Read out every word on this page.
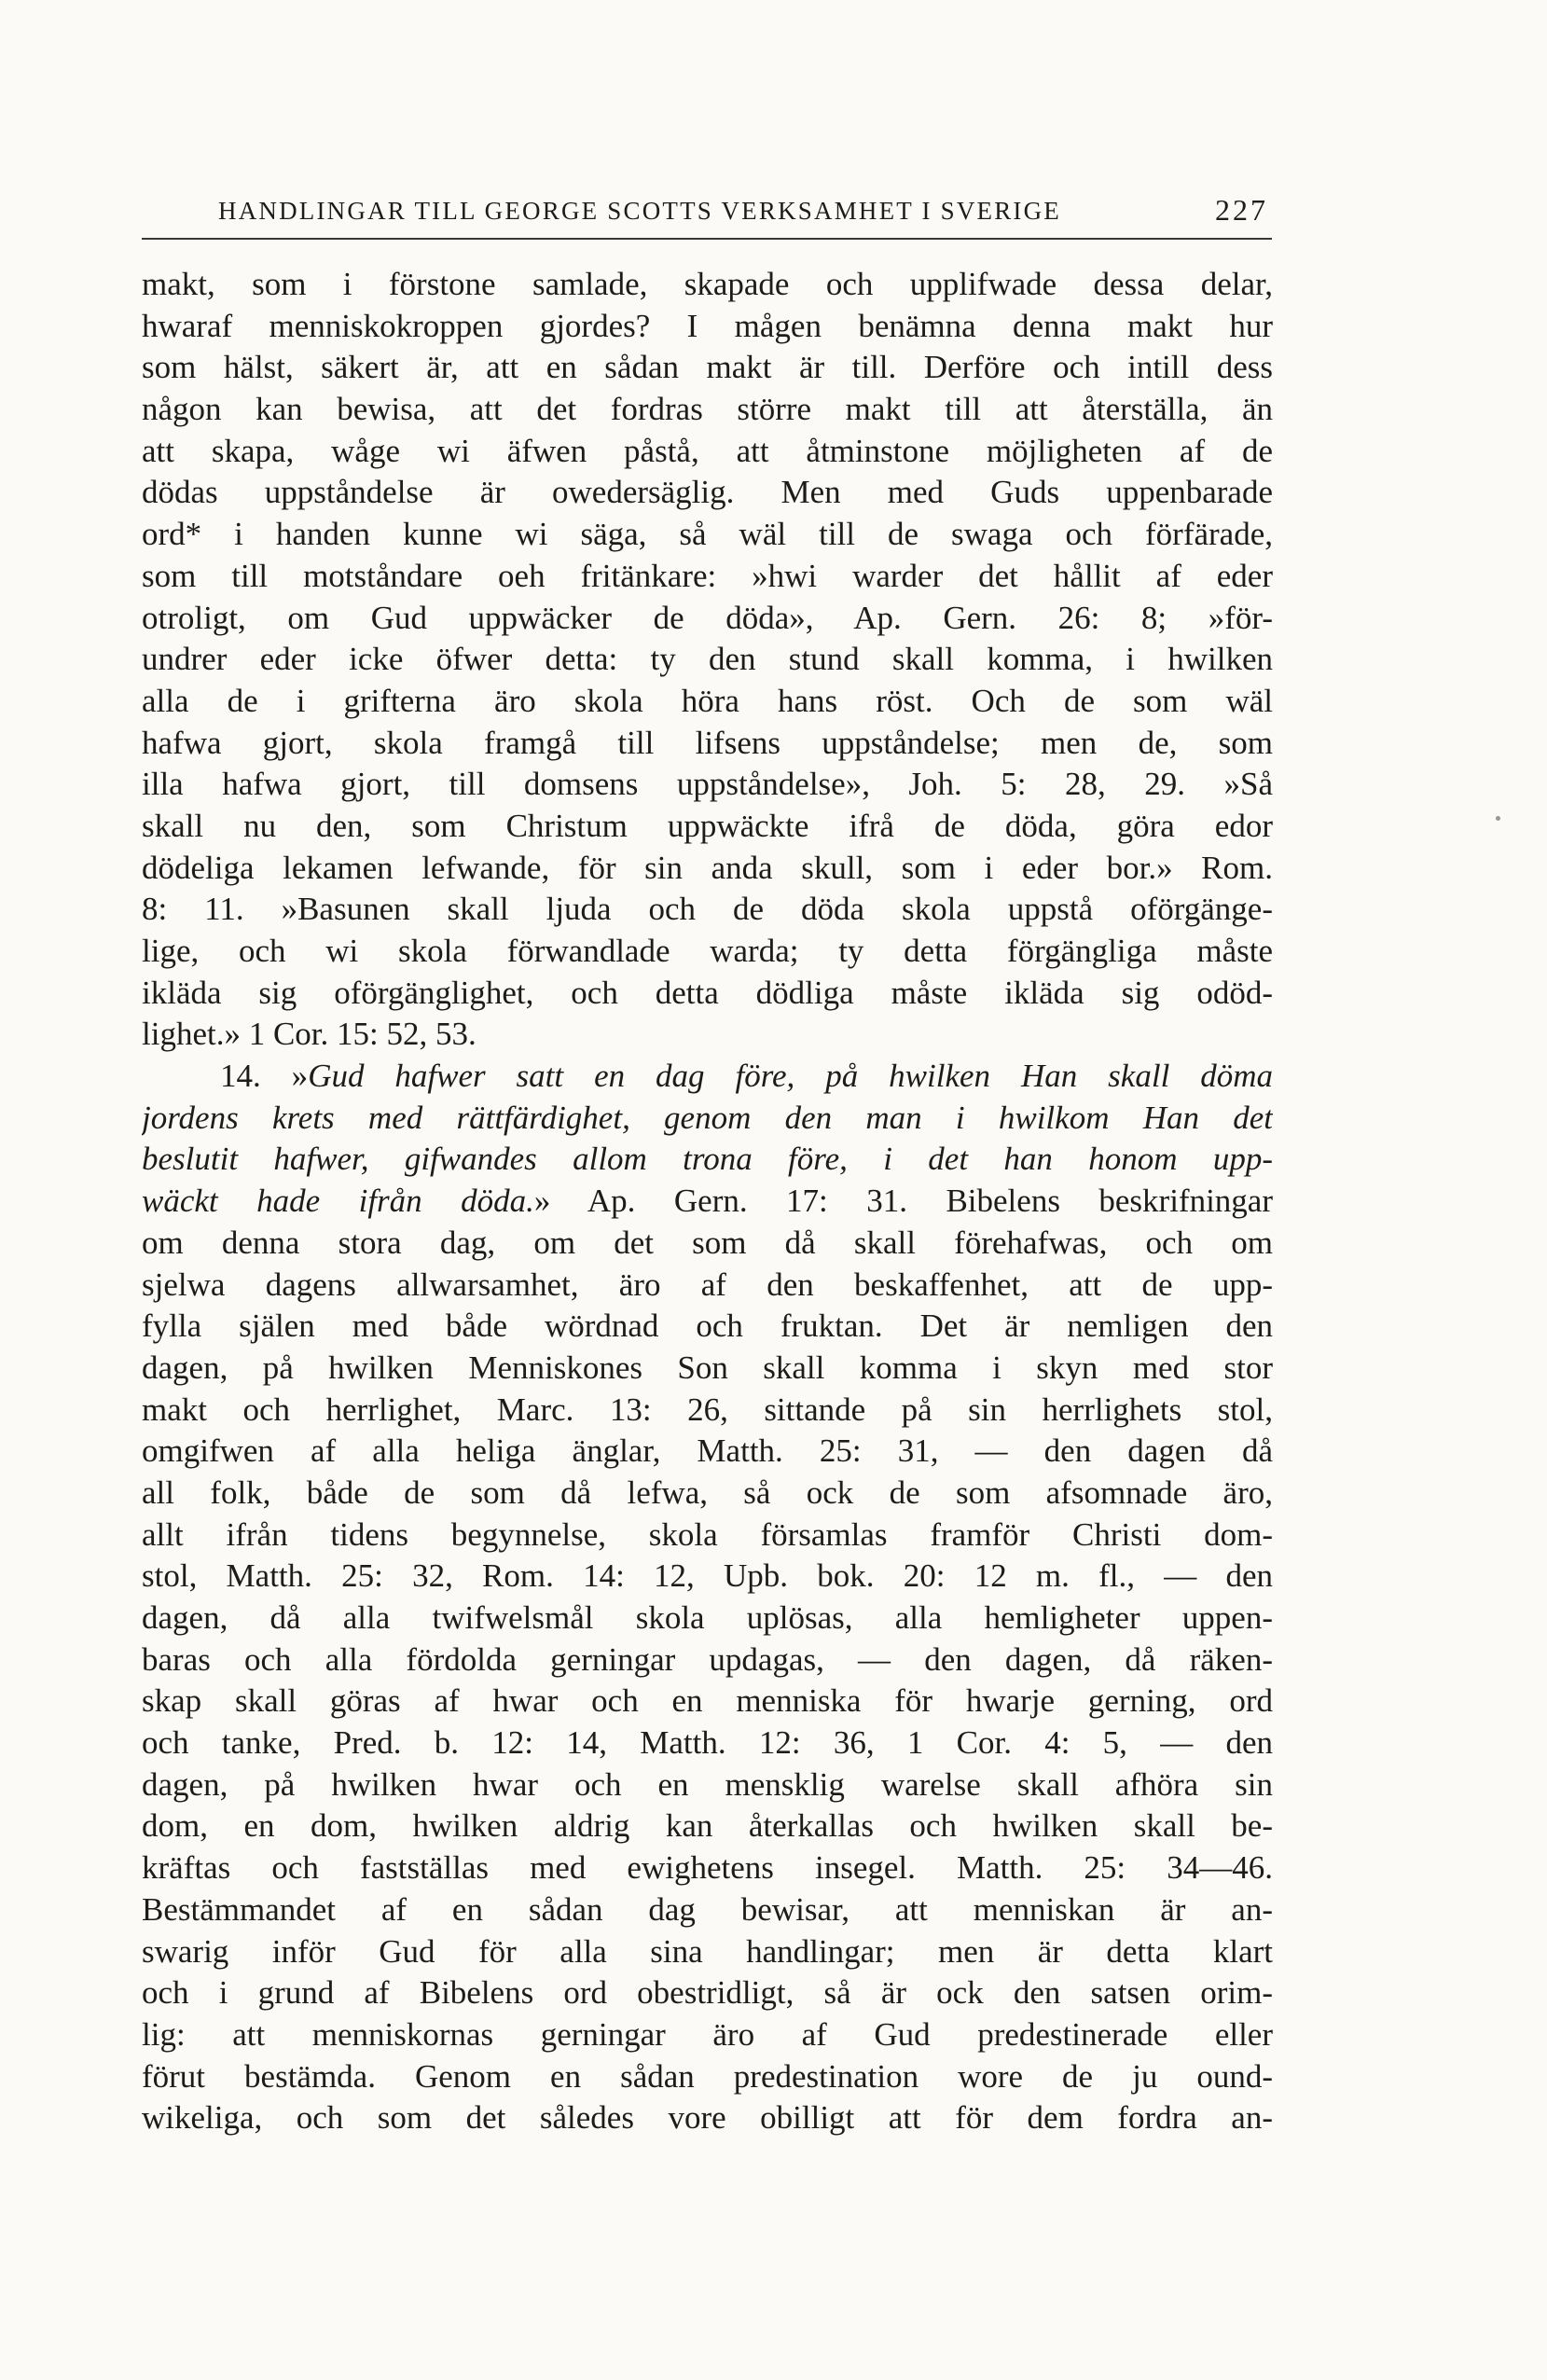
HANDLINGAR TILL GEORGE SCOTTS VERKSAMHET I SVERIGE	227
makt, som i förstone samlade, skapade och upplifwade dessa delar,
hwaraf menniskokroppen gjordes? I mågen benämna denna makt hur
som hälst, säkert är, att en sådan makt är till. Derföre och intill dess
någon kan bewisa, att det fordras större makt till att återställa, än
att skapa, wåge wi äfwen påstå, att åtminstone möjligheten af de
dödas uppståndelse är owedersäglig. Men med Guds uppenbarade
ord* i handen kunne wi säga, så wäl till de swaga och förfärade,
som till motståndare oeh fritänkare: »hwi warder det hållit af eder
otroligt, om Gud uppwäcker de döda», Ap. Gern. 26: 8; »för-
undrer eder icke öfwer detta: ty den stund skall komma, i hwilken
alla de i grifterna äro skola höra hans röst. Och de som wäl
hafwa gjort, skola framgå till lifsens uppståndelse; men de, som
illa hafwa gjort, till domsens uppståndelse», Joh. 5: 28, 29. »Så
skall nu den, som Christum uppwäckte ifrå de döda, göra edor
dödeliga lekamen lefwande, för sin anda skull, som i eder bor.» Rom.
8: 11. »Basunen skall ljuda och de döda skola uppstå oförgänge-
lige, och wi skola förwandlade warda; ty detta förgängliga måste
ikläda sig oförgänglighet, och detta dödliga måste ikläda sig odöd-
lighet.» 1 Cor. 15: 52, 53.
14. »Gud hafwer satt en dag före, på hwilken Han skall döma
jordens krets med rättfärdighet, genom den man i hwilkom Han det
beslutit hafwer, gifwandes allom trona före, i det han honom upp-
wäckt hade ifrån döda.» Ap. Gern. 17: 31. Bibelens beskrifningar
om denna stora dag, om det som då skall förehafwas, och om
sjelwa dagens allwarsamhet, äro af den beskaffenhet, att de upp-
fylla själen med både wördnad och fruktan. Det är nemligen den
dagen, på hwilken Menniskones Son skall komma i skyn med stor
makt och herrlighet, Marc. 13: 26, sittande på sin herrlighets stol,
omgifwen af alla heliga änglar, Matth. 25: 31, — den dagen då
all folk, både de som då lefwa, så ock de som afsomnade äro,
allt ifrån tidens begynnelse, skola församlas framför Christi dom-
stol, Matth. 25: 32, Rom. 14: 12, Upb. bok. 20: 12 m. fl., — den
dagen, då alla twifwelsmål skola uplösas, alla hemligheter uppen-
baras och alla fördolda gerningar updagas, — den dagen, då räken-
skap skall göras af hwar och en menniska för hwarje gerning, ord
och tanke, Pred. b. 12: 14, Matth. 12: 36, 1 Cor. 4: 5, — den
dagen, på hwilken hwar och en mensklig warelse skall afhöra sin
dom, en dom, hwilken aldrig kan återkallas och hwilken skall be-
kräftas och fastställas med ewighetens insegel. Matth. 25: 34—46.
Bestämmandet af en sådan dag bewisar, att menniskan är an-
swarig inför Gud för alla sina handlingar; men är detta klart
och i grund af Bibelens ord obestridligt, så är ock den satsen orim-
lig: att menniskornas gerningar äro af Gud predestinerade eller
förut bestämda. Genom en sådan predestination wore de ju ound-
wikeliga, och som det således vore obilligt att för dem fordra an-
